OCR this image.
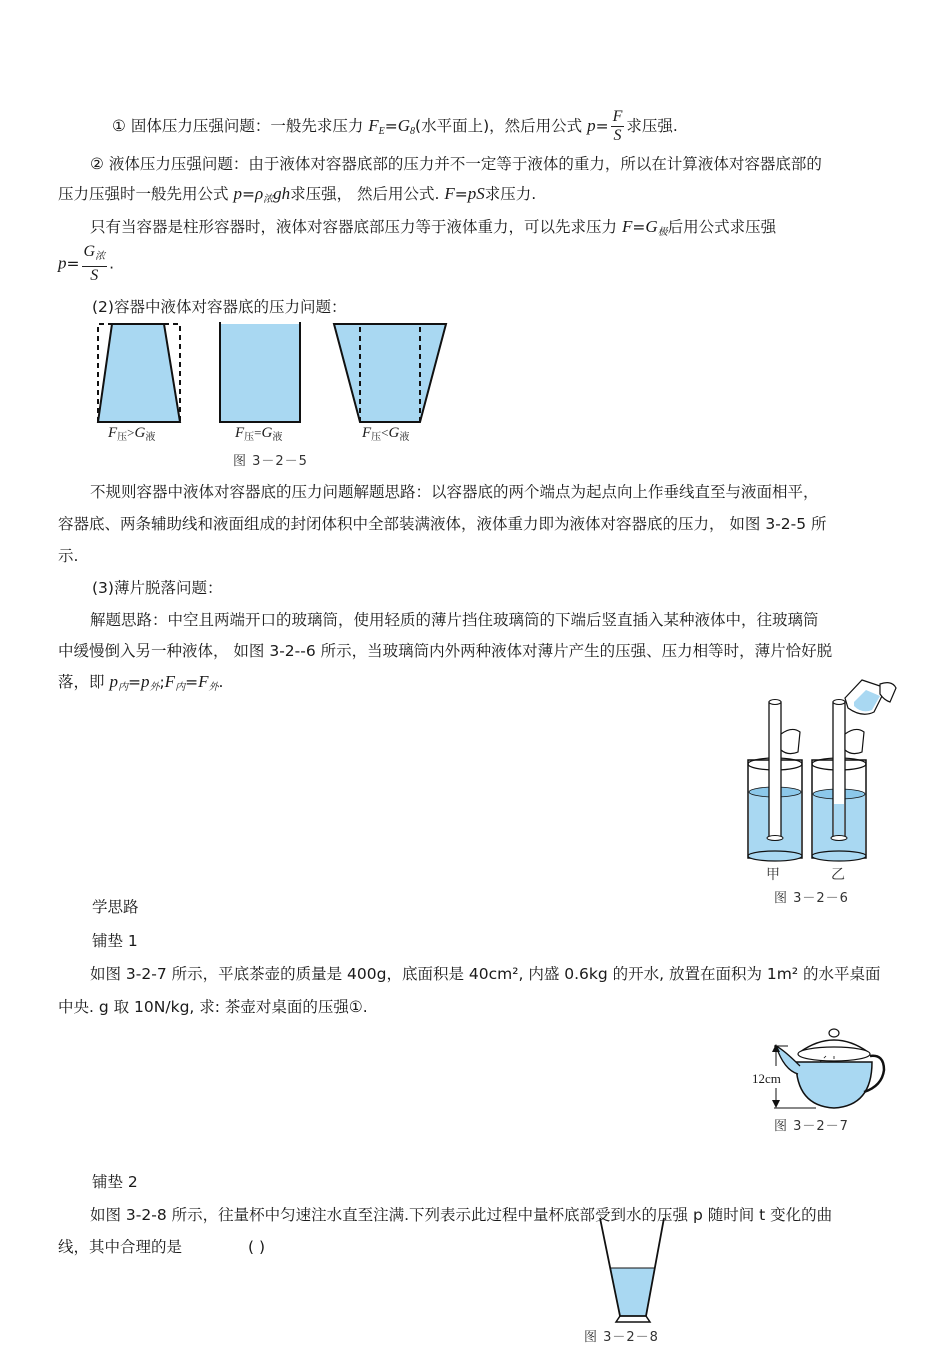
① 固体压力压强问题：一般先求压力 $F_E=G_8$(水平面上)，然后用公式 $p= \frac{F}{S}$ 求压强.
② 液体压力压强问题：由于液体对容器底部的压力并不一定等于液体的重力，所以在计算液体对容器底部的
压力压强时一般先用公式 $p=\rho_浓gh$求压强， 然后用公式. F=pS求压力.
只有当容器是柱形容器时，液体对容器底部压力等于液体重力，可以先求压力 $F=G_极$后用公式求压强
$p= \frac{G_浓}{S}$ .
(2)容器中液体对容器底的压力问题：
$F_压>G_液$	$F_压=G_液$	$F_压<G_液$
图 3－2－5
不规则容器中液体对容器底的压力问题解题思路：以容器底的两个端点为起点向上作垂线直至与液面相平，
容器底、两条辅助线和液面组成的封闭体积中全部装满液体，液体重力即为液体对容器底的压力， 如图 3-2-5 所
示.
(3)薄片脱落问题：
解题思路：中空且两端开口的玻璃筒，使用轻质的薄片挡住玻璃筒的下端后竖直插入某种液体中，往玻璃筒
中缓慢倒入另一种液体， 如图 3-2--6 所示，当玻璃筒内外两种液体对薄片产生的压强、压力相等时，薄片恰好脱
落，即 $p_内=p_外;F_内=F_外$.
甲	乙
图 3－2－6
学思路
铺垫 1
如图 3-2-7 所示，平底茶壶的质量是 400g，底面积是 40cm², 内盛 0.6kg 的开水, 放置在面积为 1m² 的水平桌面
中央. g 取 10N/kg, 求: 茶壶对桌面的压强①.
12cm
图 3－2－7
铺垫 2
如图 3-2-8 所示，往量杯中匀速注水直至注满.下列表示此过程中量杯底部受到水的压强 p 随时间 t 变化的曲
线，其中合理的是	( )
图 3－2－8
